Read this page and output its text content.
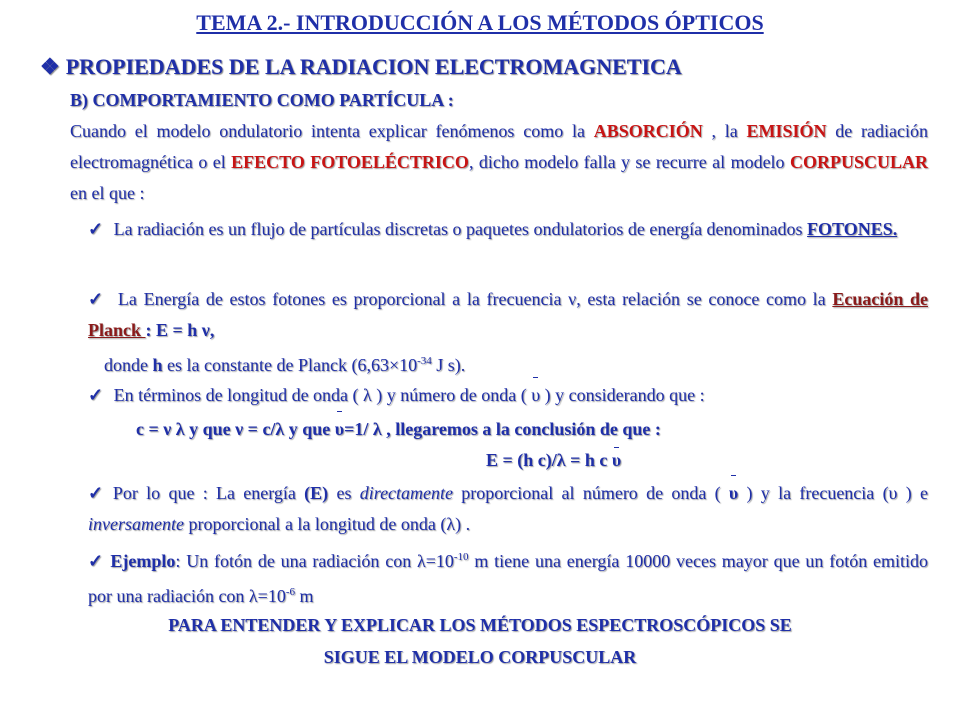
TEMA 2.- INTRODUCCIÓN A LOS MÉTODOS ÓPTICOS
❖ PROPIEDADES DE LA RADIACION ELECTROMAGNETICA
B) COMPORTAMIENTO COMO PARTÍCULA :
Cuando el modelo ondulatorio intenta explicar fenómenos como la ABSORCIÓN , la EMISIÓN de radiación electromagnética o el EFECTO FOTOELÉCTRICO, dicho modelo falla y se recurre al modelo CORPUSCULAR en el que :
✓ La radiación es un flujo de partículas discretas o paquetes ondulatorios de energía denominados FOTONES.
✓ La Energía de estos fotones es proporcional a la frecuencia ν, esta relación se conoce como la Ecuación de Planck : E = h ν,
donde h es la constante de Planck ($6,63\times 10^{-34}$ J s).
✓ En términos de longitud de onda ( λ ) y número de onda ( υ ) y considerando que :
c = ν λ y que ν = c/λ y que υ=1/ λ , llegaremos a la conclusión de que :
E = (h c)/λ = h c υ
✓ Por lo que : La energía (E) es directamente proporcional al número de onda ( υ ) y la frecuencia (υ ) e inversamente proporcional a la longitud de onda (λ) .
✓ Ejemplo: Un fotón de una radiación con $\lambda=10^{-10}$ m tiene una energía 10000 veces mayor que un fotón emitido por una radiación con $\lambda=10^{-6}$ m
PARA ENTENDER Y EXPLICAR LOS MÉTODOS ESPECTROSCÓPICOS SE
SIGUE EL MODELO CORPUSCULAR
